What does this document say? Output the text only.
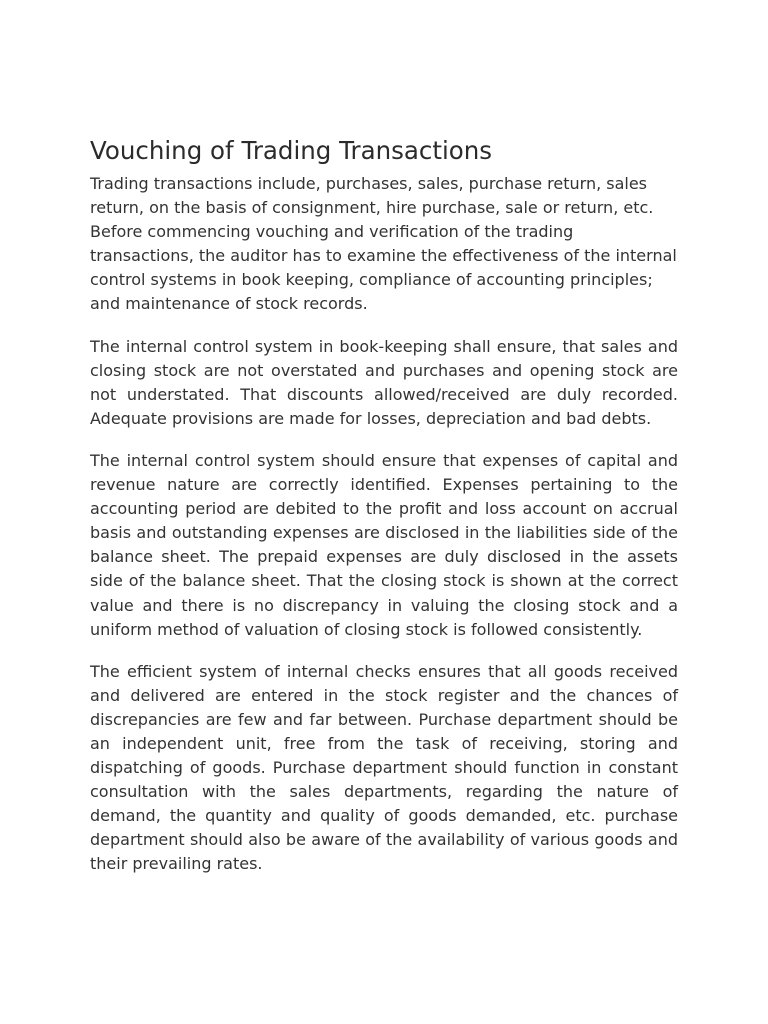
Vouching of Trading Transactions

Trading transactions include, purchases, sales, purchase return, sales return, on the basis of consignment, hire purchase, sale or return, etc. Before commencing vouching and verification of the trading transactions, the auditor has to examine the effectiveness of the internal control systems in book keeping, compliance of accounting principles; and maintenance of stock records.

The internal control system in book-keeping shall ensure, that sales and closing stock are not overstated and purchases and opening stock are not understated. That discounts allowed/received are duly recorded. Adequate provisions are made for losses, depreciation and bad debts.

The internal control system should ensure that expenses of capital and revenue nature are correctly identified. Expenses pertaining to the accounting period are debited to the profit and loss account on accrual basis and outstanding expenses are disclosed in the liabilities side of the balance sheet. The prepaid expenses are duly disclosed in the assets side of the balance sheet. That the closing stock is shown at the correct value and there is no discrepancy in valuing the closing stock and a uniform method of valuation of closing stock is followed consistently.

The efficient system of internal checks ensures that all goods received and delivered are entered in the stock register and the chances of discrepancies are few and far between. Purchase department should be an independent unit, free from the task of receiving, storing and dispatching of goods. Purchase department should function in constant consultation with the sales departments, regarding the nature of demand, the quantity and quality of goods demanded, etc. purchase department should also be aware of the availability of various goods and their prevailing rates.
